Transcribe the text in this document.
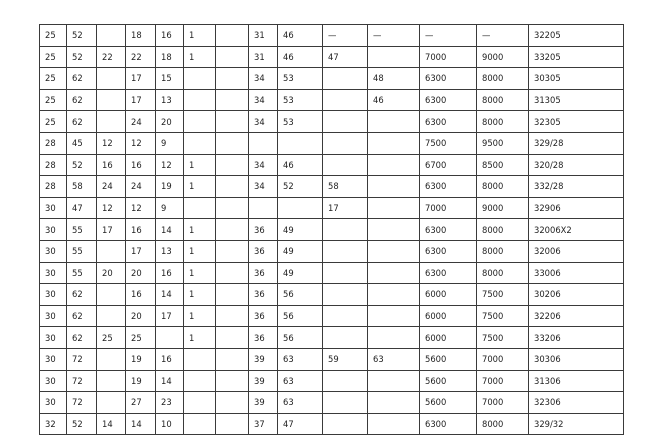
25	52		18	16	1		31	46	—	—	—	—	32205
25	52	22	22	18	1		31	46	47		7000	9000	33205
25	62		17	15			34	53		48	6300	8000	30305
25	62		17	13			34	53		46	6300	8000	31305
25	62		24	20			34	53			6300	8000	32305
28	45	12	12	9							7500	9500	329/28
28	52	16	16	12	1		34	46			6700	8500	320/28
28	58	24	24	19	1		34	52	58		6300	8000	332/28
30	47	12	12	9					17		7000	9000	32906
30	55	17	16	14	1		36	49			6300	8000	32006X2
30	55		17	13	1		36	49			6300	8000	32006
30	55	20	20	16	1		36	49			6300	8000	33006
30	62		16	14	1		36	56			6000	7500	30206
30	62		20	17	1		36	56			6000	7500	32206
30	62	25	25		1		36	56			6000	7500	33206
30	72		19	16			39	63	59	63	5600	7000	30306
30	72		19	14			39	63			5600	7000	31306
30	72		27	23			39	63			5600	7000	32306
32	52	14	14	10			37	47			6300	8000	329/32
